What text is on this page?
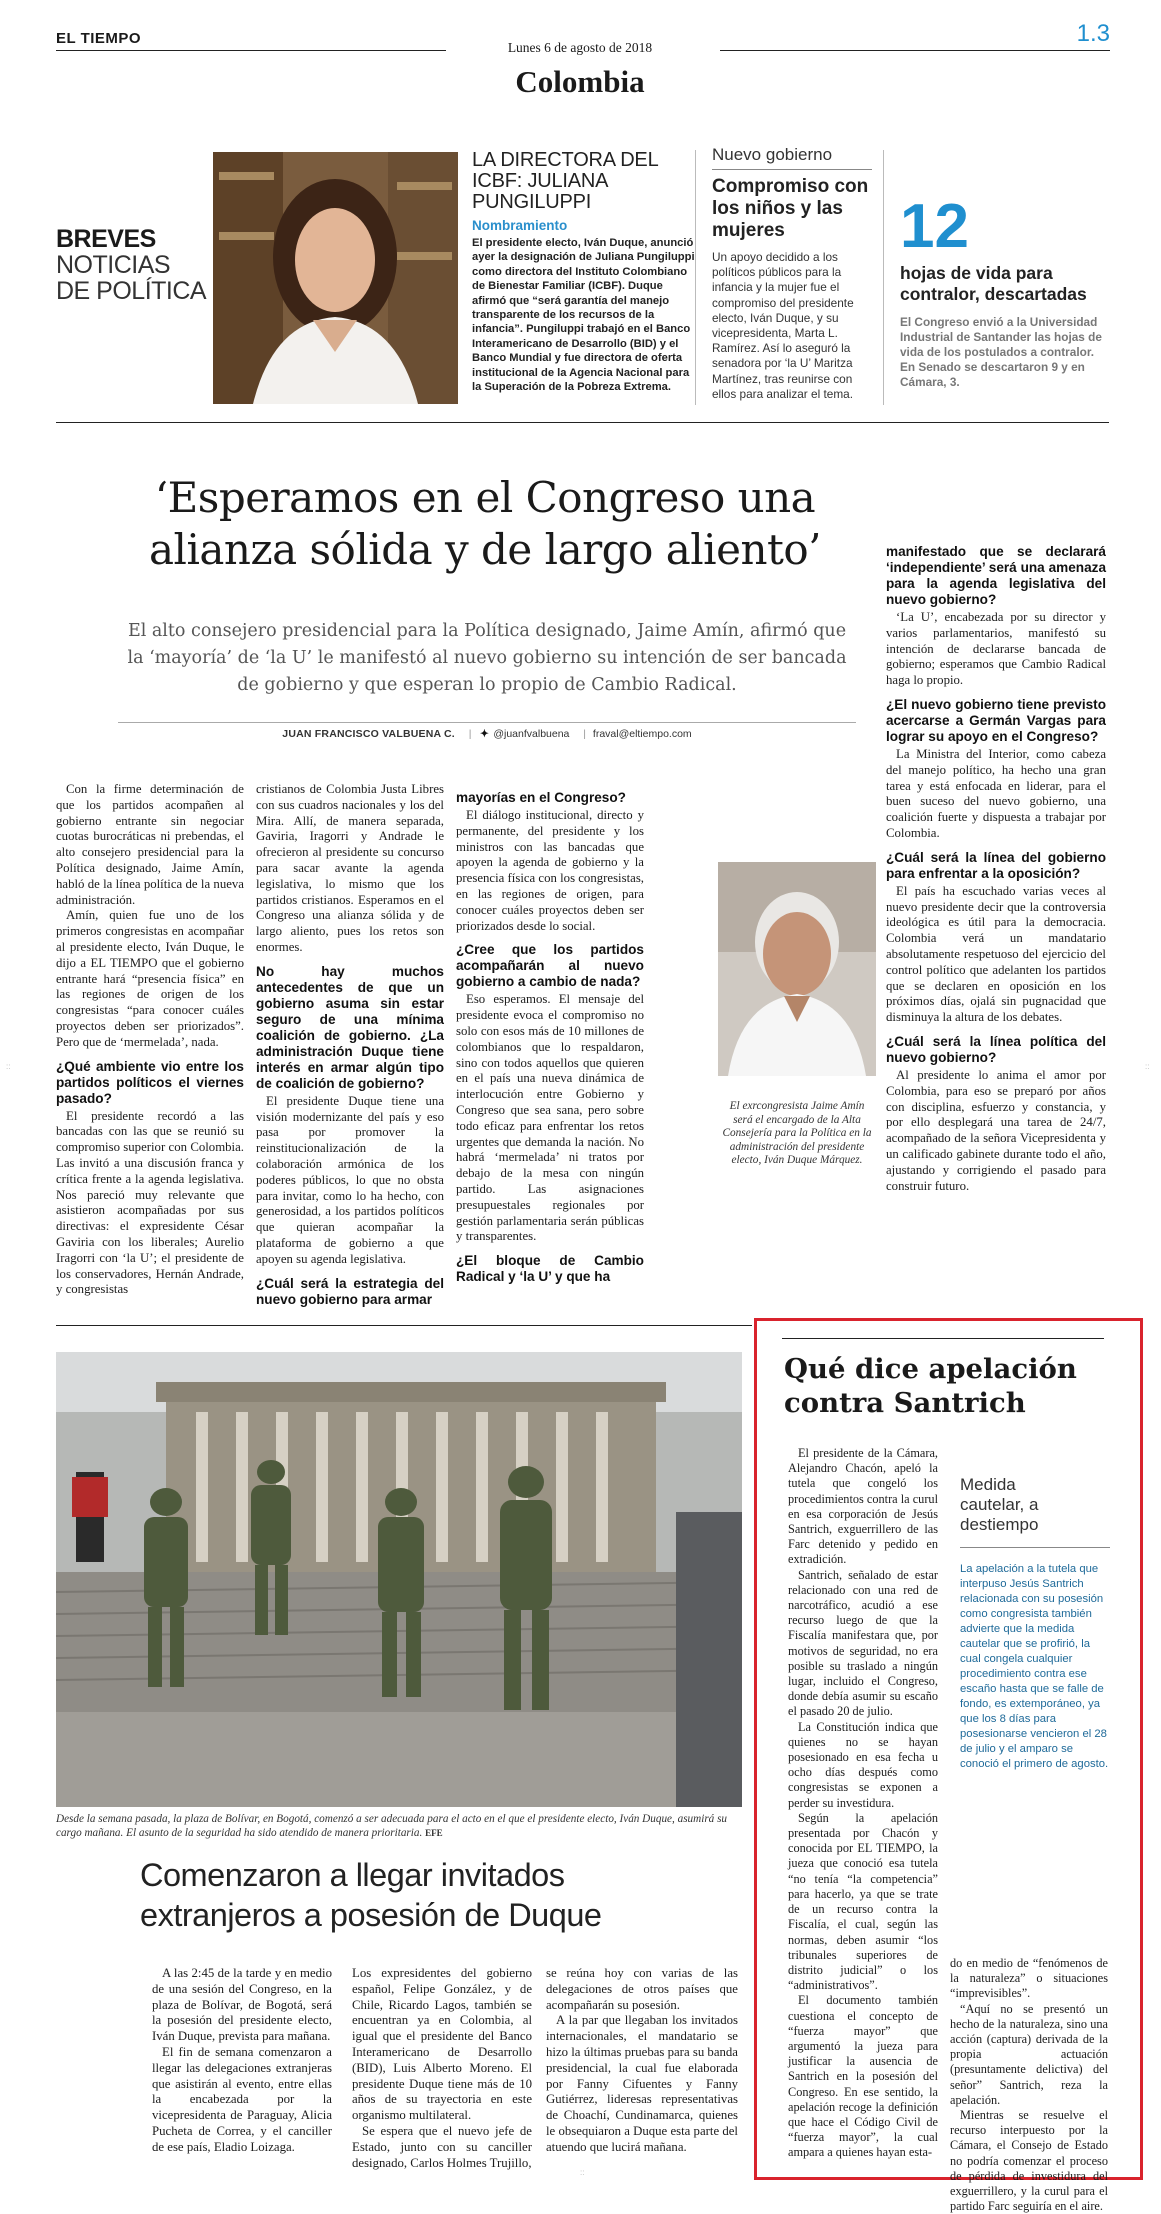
EL TIEMPO
Lunes 6 de agosto de 2018
Colombia
1.3
BREVES
NOTICIAS
DE POLÍTICA
LA DIRECTORA DEL ICBF: JULIANA PUNGILUPPI
Nombramiento
El presidente electo, Iván Duque, anunció ayer la designación de Juliana Pungiluppi como directora del Instituto Colombiano de Bienestar Familiar (ICBF). Duque afirmó que “será garantía del manejo transparente de los recursos de la infancia”. Pungiluppi trabajó en el Banco Interamericano de Desarrollo (BID) y el Banco Mundial y fue directora de oferta institucional de la Agencia Nacional para la Superación de la Pobreza Extrema.
Nuevo gobierno
Compromiso con los niños y las mujeres
Un apoyo decidido a los políticos públicos para la infancia y la mujer fue el compromiso del presidente electo, Iván Duque, y su vicepresidenta, Marta L. Ramírez. Así lo aseguró la senadora por ‘la U’ Maritza Martínez, tras reunirse con ellos para analizar el tema.
12
hojas de vida para contralor, descartadas
El Congreso envió a la Universidad Industrial de Santander las hojas de vida de los postulados a contralor. En Senado se descartaron 9 y en Cámara, 3.
‘Esperamos en el Congreso una
alianza sólida y de largo aliento’
El alto consejero presidencial para la Política designado, Jaime Amín, afirmó que la ‘mayoría’ de ‘la U’ le manifestó al nuevo gobierno su intención de ser bancada de gobierno y que esperan lo propio de Cambio Radical.
JUAN FRANCISCO VALBUENA C. | ✦ @juanfvalbuena | fraval@eltiempo.com

Con la firme determinación de que los partidos acompañen al gobierno entrante sin negociar cuotas burocráticas ni prebendas, el alto consejero presidencial para la Política designado, Jaime Amín, habló de la línea política de la nueva administración.

Amín, quien fue uno de los primeros congresistas en acompañar al presidente electo, Iván Duque, le dijo a EL TIEMPO que el gobierno entrante hará “presencia física” en las regiones de origen de los congresistas “para conocer cuáles proyectos deben ser priorizados”. Pero que de ‘mermelada’, nada.

¿Qué ambiente vio entre los partidos políticos el viernes pasado?

El presidente recordó a las bancadas con las que se reunió su compromiso superior con Colombia. Las invitó a una discusión franca y crítica frente a la agenda legislativa. Nos pareció muy relevante que asistieron acompañadas por sus directivas: el expresidente César Gaviria con los liberales; Aurelio Iragorri con ‘la U’; el presidente de los conservadores, Hernán Andrade, y congresistas

cristianos de Colombia Justa Libres con sus cuadros nacionales y los del Mira. Allí, de manera separada, Gaviria, Iragorri y Andrade le ofrecieron al presidente su concurso para sacar avante la agenda legislativa, lo mismo que los partidos cristianos. Esperamos en el Congreso una alianza sólida y de largo aliento, pues los retos son enormes.

No hay muchos antecedentes de que un gobierno asuma sin estar seguro de una mínima coalición de gobierno. ¿La administración Duque tiene interés en armar algún tipo de coalición de gobierno?

El presidente Duque tiene una visión modernizante del país y eso pasa por promover la reinstitucionalización de la colaboración armónica de los poderes públicos, lo que no obsta para invitar, como lo ha hecho, con generosidad, a los partidos políticos que quieran acompañar la plataforma de gobierno a que apoyen su agenda legislativa.

¿Cuál será la estrategia del nuevo gobierno para armar
mayorías en el Congreso?

El diálogo institucional, directo y permanente, del presidente y los ministros con las bancadas que apoyen la agenda de gobierno y la presencia física con los congresistas, en las regiones de origen, para conocer cuáles proyectos deben ser priorizados desde lo social.

¿Cree que los partidos acompañarán al nuevo gobierno a cambio de nada?

Eso esperamos. El mensaje del presidente evoca el compromiso no solo con esos más de 10 millones de colombianos que lo respaldaron, sino con todos aquellos que quieren en el país una nueva dinámica de interlocución entre Gobierno y Congreso que sea sana, pero sobre todo eficaz para enfrentar los retos urgentes que demanda la nación. No habrá ‘mermelada’ ni tratos por debajo de la mesa con ningún partido. Las asignaciones presupuestales regionales por gestión parlamentaria serán públicas y transparentes.

¿El bloque de Cambio Radical y ‘la U’ y que ha
El exrcongresista Jaime Amín será el encargado de la Alta Consejería para la Política en la administración del presidente electo, Iván Duque Márquez.
manifestado que se declarará ‘independiente’ será una amenaza para la agenda legislativa del nuevo gobierno?

‘La U’, encabezada por su director y varios parlamentarios, manifestó su intención de declararse bancada de gobierno; esperamos que Cambio Radical haga lo propio.

¿El nuevo gobierno tiene previsto acercarse a Germán Vargas para lograr su apoyo en el Congreso?

La Ministra del Interior, como cabeza del manejo político, ha hecho una gran tarea y está enfocada en liderar, para el buen suceso del nuevo gobierno, una coalición fuerte y dispuesta a trabajar por Colombia.

¿Cuál será la línea del gobierno para enfrentar a la oposición?

El país ha escuchado varias veces al nuevo presidente decir que la controversia ideológica es útil para la democracia. Colombia verá un mandatario absolutamente respetuoso del ejercicio del control político que adelanten los partidos que se declaren en oposición en los próximos días, ojalá sin pugnacidad que disminuya la altura de los debates.

¿Cuál será la línea política del nuevo gobierno?

Al presidente lo anima el amor por Colombia, para eso se preparó por años con disciplina, esfuerzo y constancia, y por ello desplegará una tarea de 24/7, acompañado de la señora Vicepresidenta y un calificado gabinete durante todo el año, ajustando y corrigiendo el pasado para construir futuro.

::	::
Desde la semana pasada, la plaza de Bolívar, en Bogotá, comenzó a ser adecuada para el acto en el que el presidente electo, Iván Duque, asumirá su cargo mañana. El asunto de la seguridad ha sido atendido de manera prioritaria. EFE
Comenzaron a llegar invitados
extranjeros a posesión de Duque

A las 2:45 de la tarde y en medio de una sesión del Congreso, en la plaza de Bolívar, de Bogotá, será la posesión del presidente electo, Iván Duque, prevista para mañana.

El fin de semana comenzaron a llegar las delegaciones extranjeras que asistirán al evento, entre ellas la encabezada por la vicepresidenta de Paraguay, Alicia Pucheta de Correa, y el canciller de ese país, Eladio Loizaga.

Los expresidentes del gobierno español, Felipe González, y de Chile, Ricardo Lagos, también se encuentran ya en Colombia, al igual que el presidente del Banco Interamericano de Desarrollo (BID), Luis Alberto Moreno. El presidente Duque tiene más de 10 años de su trayectoria en este organismo multilateral.

Se espera que el nuevo jefe de Estado, junto con su canciller designado, Carlos Holmes Trujillo,

se reúna hoy con varias de las delegaciones de otros países que acompañarán su posesión.

A la par que llegaban los invitados internacionales, el mandatario se hizo la últimas pruebas para su banda presidencial, la cual fue elaborada por Fanny Cifuentes y Fanny Gutiérrez, lideresas representativas de Choachí, Cundinamarca, quienes le obsequiaron a Duque esta parte del atuendo que lucirá mañana.

::
Qué dice apelación
contra Santrich

El presidente de la Cámara, Alejandro Chacón, apeló la tutela que congeló los procedimientos contra la curul en esa corporación de Jesús Santrich, exguerrillero de las Farc detenido y pedido en extradición.

Santrich, señalado de estar relacionado con una red de narcotráfico, acudió a ese recurso luego de que la Fiscalía manifestara que, por motivos de seguridad, no era posible su traslado a ningún lugar, incluido el Congreso, donde debía asumir su escaño el pasado 20 de julio.

La Constitución indica que quienes no se hayan posesionado en esa fecha u ocho días después como congresistas se exponen a perder su investidura.

Según la apelación presentada por Chacón y conocida por EL TIEMPO, la jueza que conoció esa tutela “no tenía “la competencia” para hacerlo, ya que se trate de un recurso contra la Fiscalía, el cual, según las normas, deben asumir “los tribunales superiores de distrito judicial” o los “administrativos”.

El documento también cuestiona el concepto de “fuerza mayor” que argumentó la jueza para justificar la ausencia de Santrich en la posesión del Congreso. En ese sentido, la apelación recoge la definición que hace el Código Civil de “fuerza mayor”, la cual ampara a quienes hayan esta-

Medida cautelar, a destiempo
La apelación a la tutela que interpuso Jesús Santrich relacionada con su posesión como congresista también advierte que la medida cautelar que se profirió, la cual congela cualquier procedimiento contra ese escaño hasta que se falle de fondo, es extemporáneo, ya que los 8 días para posesionarse vencieron el 28 de julio y el amparo se conoció el primero de agosto.

do en medio de “fenómenos de la naturaleza” o situaciones “imprevisibles”.

“Aquí no se presentó un hecho de la naturaleza, sino una acción (captura) derivada de la propia actuación (presuntamente delictiva) del señor” Santrich, reza la apelación.

Mientras se resuelve el recurso interpuesto por la Cámara, el Consejo de Estado no podría comenzar el proceso de pérdida de investidura del exguerrillero, y la curul para el partido Farc seguiría en el aire.
